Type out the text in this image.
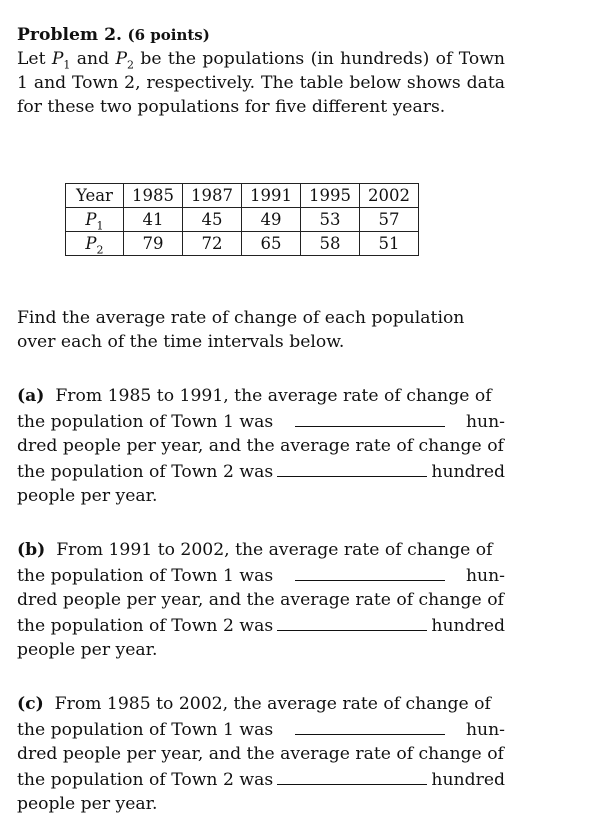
Problem 2. (6 points)
Let $P_1$ and $P_2$ be the populations (in hundreds) of Town 1 and Town 2, respectively. The table below shows data for these two populations for five different years.

Year	1985	1987	1991	1995	2002
$P_1$	41	45	49	53	57
$P_2$	79	72	65	58	51

Find the average rate of change of each population over each of the time intervals below.

(a) From 1985 to 1991, the average rate of change of
the population of Town 1 was	hun-
dred people per year, and the average rate of change of
the population of Town 2 was	hundred
people per year.
(b) From 1991 to 2002, the average rate of change of
the population of Town 1 was	hun-
dred people per year, and the average rate of change of
the population of Town 2 was	hundred
people per year.
(c) From 1985 to 2002, the average rate of change of
the population of Town 1 was	hun-
dred people per year, and the average rate of change of
the population of Town 2 was	hundred
people per year.
